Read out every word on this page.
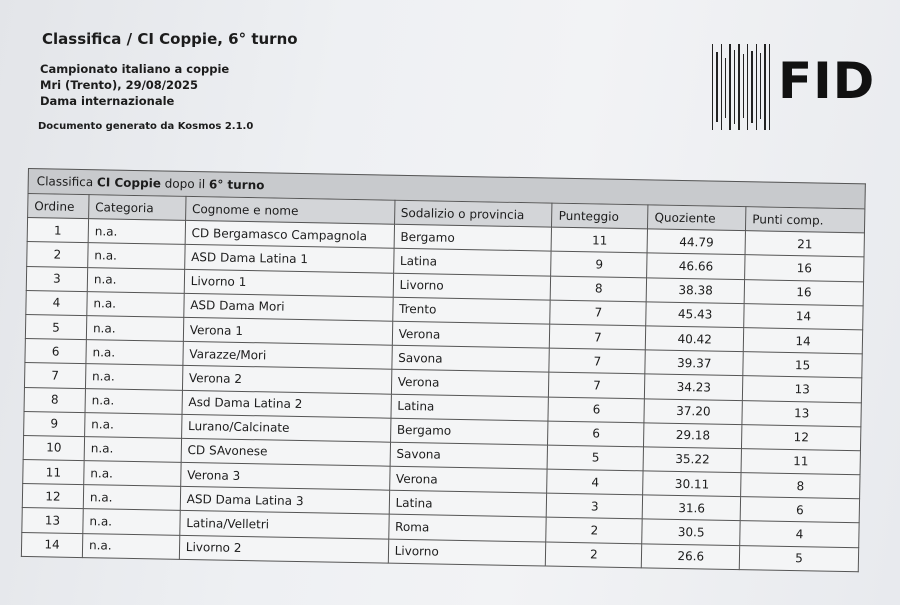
Classifica / CI Coppie, 6° turno
Campionato italiano a coppie
Mri (Trento), 29/08/2025
Dama internazionale
Documento generato da Kosmos 2.1.0
FID
Classifica CI Coppie dopo il 6° turno
Ordine	Categoria	Cognome e nome	Sodalizio o provincia	Punteggio	Quoziente	Punti comp.
1	n.a.	CD Bergamasco Campagnola	Bergamo	11	44.79	21
2	n.a.	ASD Dama Latina 1	Latina	9	46.66	16
3	n.a.	Livorno 1	Livorno	8	38.38	16
4	n.a.	ASD Dama Mori	Trento	7	45.43	14
5	n.a.	Verona 1	Verona	7	40.42	14
6	n.a.	Varazze/Mori	Savona	7	39.37	15
7	n.a.	Verona 2	Verona	7	34.23	13
8	n.a.	Asd Dama Latina 2	Latina	6	37.20	13
9	n.a.	Lurano/Calcinate	Bergamo	6	29.18	12
10	n.a.	CD SAvonese	Savona	5	35.22	11
11	n.a.	Verona 3	Verona	4	30.11	8
12	n.a.	ASD Dama Latina 3	Latina	3	31.6	6
13	n.a.	Latina/Velletri	Roma	2	30.5	4
14	n.a.	Livorno 2	Livorno	2	26.6	5
